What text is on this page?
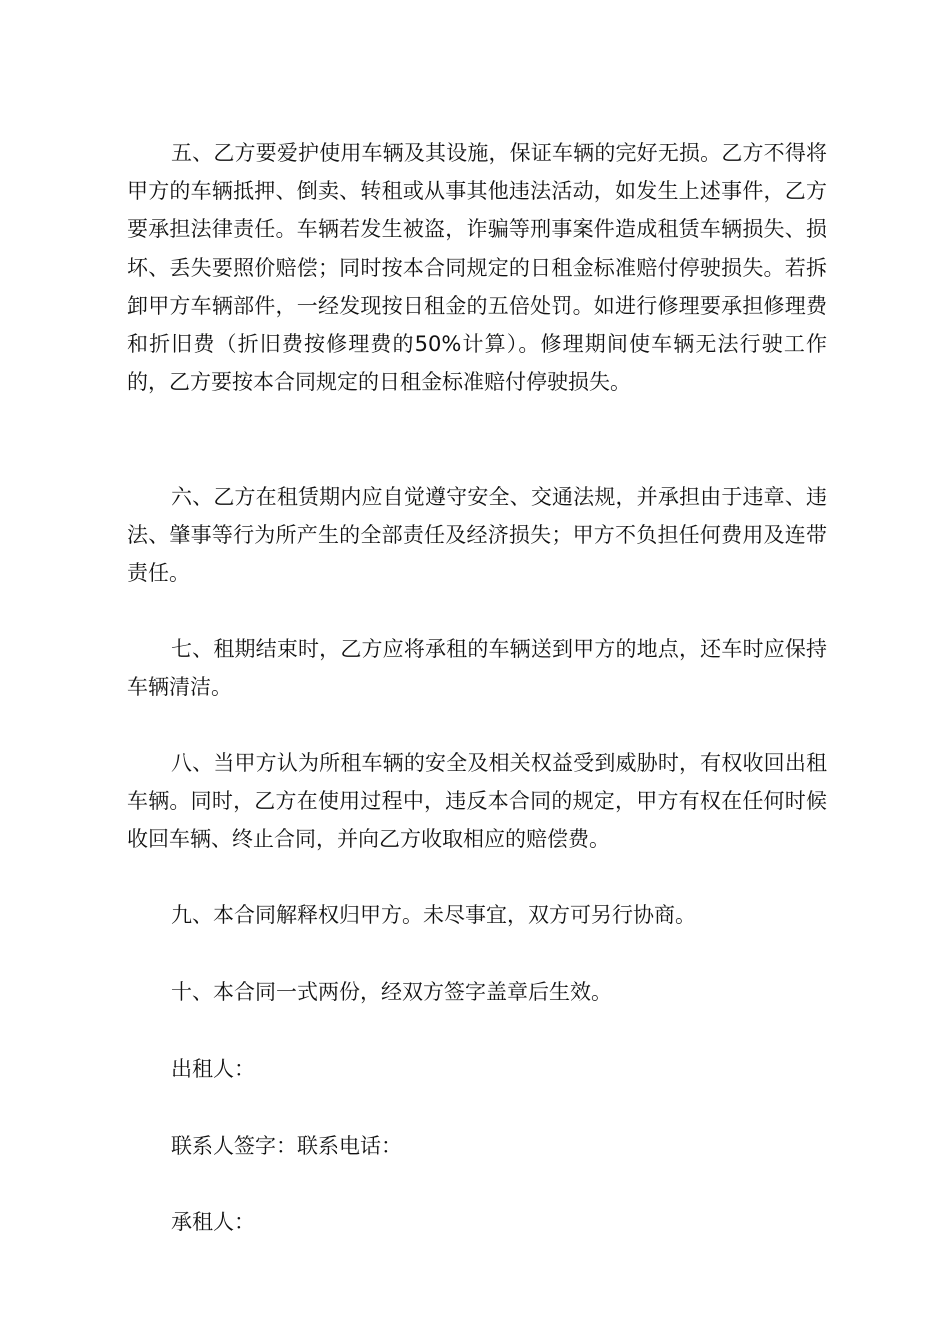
五、乙方要爱护使用车辆及其设施，保证车辆的完好无损。乙方不得将甲方的车辆抵押、倒卖、转租或从事其他违法活动，如发生上述事件，乙方要承担法律责任。车辆若发生被盗，诈骗等刑事案件造成租赁车辆损失、损坏、丢失要照价赔偿；同时按本合同规定的日租金标准赔付停驶损失。若拆卸甲方车辆部件，一经发现按日租金的五倍处罚。如进行修理要承担修理费和折旧费（折旧费按修理费的50%计算）。修理期间使车辆无法行驶工作的，乙方要按本合同规定的日租金标准赔付停驶损失。

六、乙方在租赁期内应自觉遵守安全、交通法规，并承担由于违章、违法、肇事等行为所产生的全部责任及经济损失；甲方不负担任何费用及连带责任。

七、租期结束时，乙方应将承租的车辆送到甲方的地点，还车时应保持车辆清洁。

八、当甲方认为所租车辆的安全及相关权益受到威胁时，有权收回出租车辆。同时，乙方在使用过程中，违反本合同的规定，甲方有权在任何时候收回车辆、终止合同，并向乙方收取相应的赔偿费。

九、本合同解释权归甲方。未尽事宜，双方可另行协商。

十、本合同一式两份，经双方签字盖章后生效。

出租人：

联系人签字：联系电话：

承租人：
